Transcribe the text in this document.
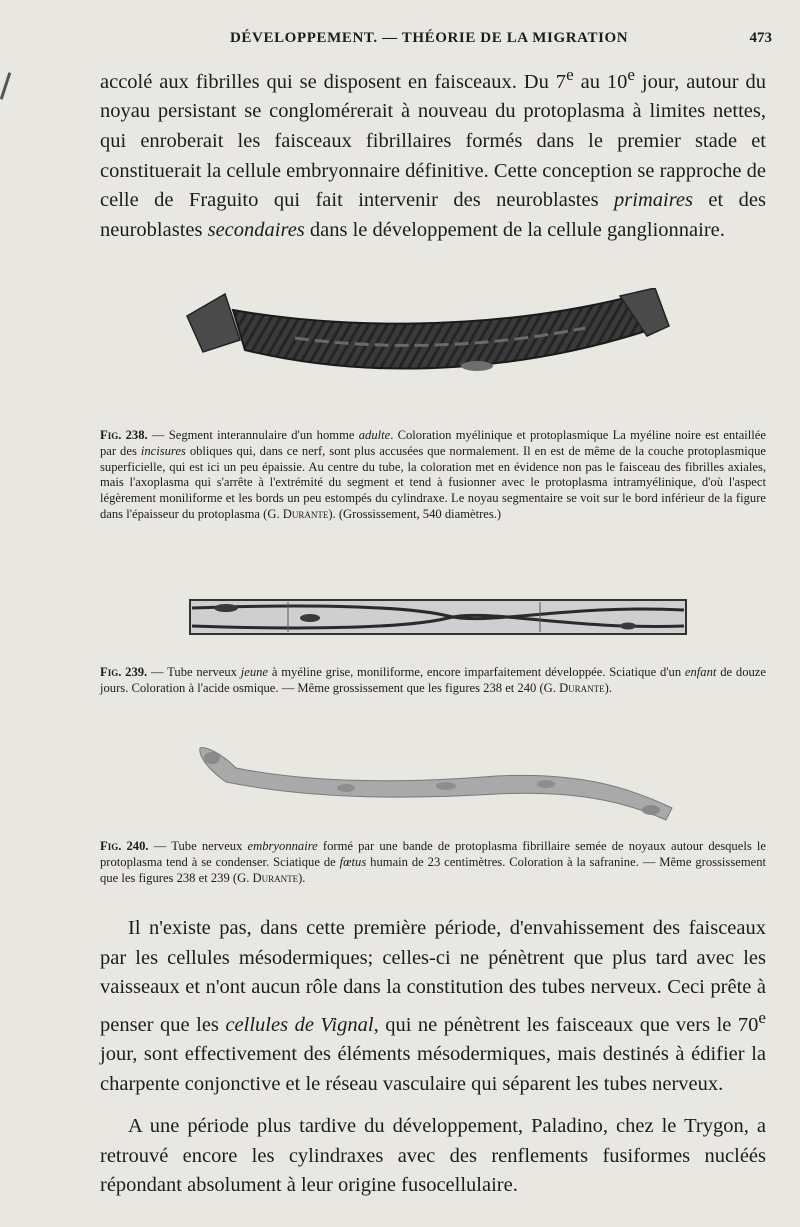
DÉVELOPPEMENT. — THÉORIE DE LA MIGRATION	473

accolé aux fibrilles qui se disposent en faisceaux. Du 7e au 10e jour, autour du noyau persistant se conglomérerait à nouveau du protoplasma à limites nettes, qui enroberait les faisceaux fibrillaires formés dans le premier stade et constituerait la cellule embryonnaire définitive. Cette conception se rapproche de celle de Fraguito qui fait intervenir des neuroblastes primaires et des neuroblastes secondaires dans le développement de la cellule ganglionnaire.

Fig. 238. — Segment interannulaire d'un homme adulte. Coloration myélinique et protoplasmique La myéline noire est entaillée par des incisures obliques qui, dans ce nerf, sont plus accusées que normalement. Il en est de même de la couche protoplasmique superficielle, qui est ici un peu épaissie. Au centre du tube, la coloration met en évidence non pas le faisceau des fibrilles axiales, mais l'axoplasma qui s'arrête à l'extrémité du segment et tend à fusionner avec le protoplasma intramyélinique, d'où l'aspect légèrement moniliforme et les bords un peu estompés du cylindraxe. Le noyau segmentaire se voit sur le bord inférieur de la figure dans l'épaisseur du protoplasma (G. Durante). (Grossissement, 540 diamètres.)
Fig. 239. — Tube nerveux jeune à myéline grise, moniliforme, encore imparfaitement développée. Sciatique d'un enfant de douze jours. Coloration à l'acide osmique. — Même grossissement que les figures 238 et 240 (G. Durante).
Fig. 240. — Tube nerveux embryonnaire formé par une bande de protoplasma fibrillaire semée de noyaux autour desquels le protoplasma tend à se condenser. Sciatique de fœtus humain de 23 centimètres. Coloration à la safranine. — Même grossissement que les figures 238 et 239 (G. Durante).

Il n'existe pas, dans cette première période, d'envahissement des faisceaux par les cellules mésodermiques; celles-ci ne pénètrent que plus tard avec les vaisseaux et n'ont aucun rôle dans la constitution des tubes nerveux. Ceci prête à penser que les cellules de Vignal, qui ne pénètrent les faisceaux que vers le 70e jour, sont effectivement des éléments mésodermiques, mais destinés à édifier la charpente conjonctive et le réseau vasculaire qui séparent les tubes nerveux.

A une période plus tardive du développement, Paladino, chez le Trygon, a retrouvé encore les cylindraxes avec des renflements fusiformes nucléés répondant absolument à leur origine fusocellulaire.
